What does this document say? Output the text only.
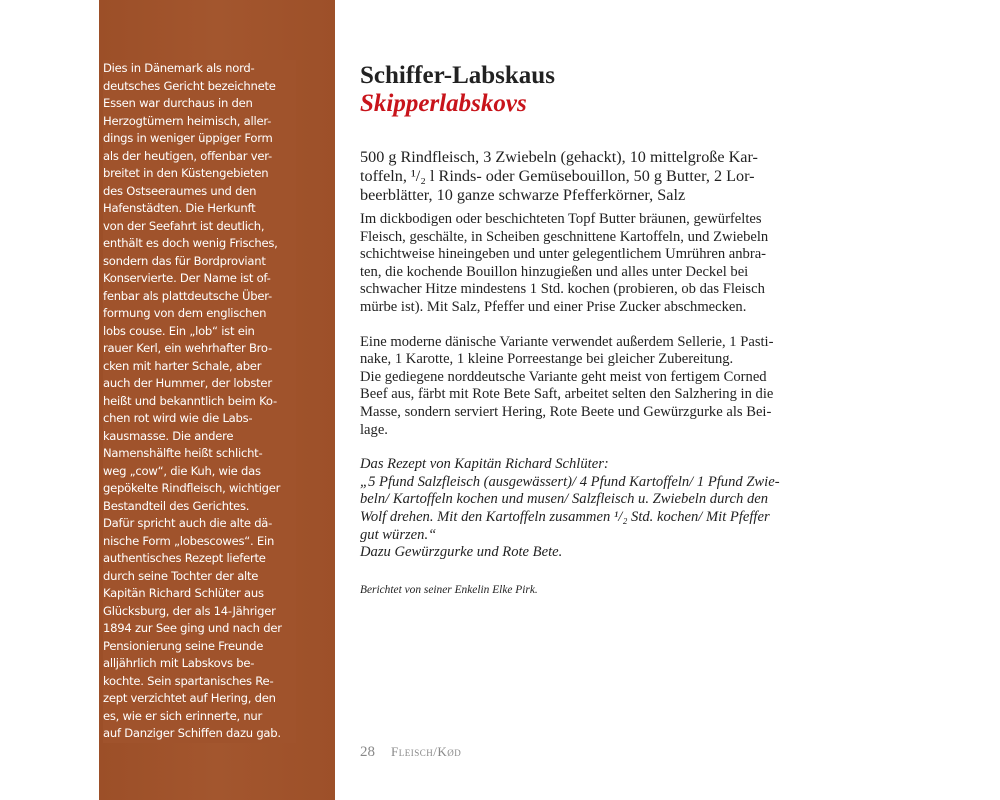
Dies in Dänemark als nord-
deutsches Gericht bezeichnete
Essen war durchaus in den
Herzogtümern heimisch, aller-
dings in weniger üppiger Form
als der heutigen, offenbar ver-
breitet in den Küstengebieten
des Ostseeraumes und den
Hafenstädten. Die Herkunft
von der Seefahrt ist deutlich,
enthält es doch wenig Frisches,
sondern das für Bordproviant
Konservierte. Der Name ist of-
fenbar als plattdeutsche Über-
formung von dem englischen
lobs couse. Ein „lob“ ist ein
rauer Kerl, ein wehrhafter Bro-
cken mit harter Schale, aber
auch der Hummer, der lobster
heißt und bekanntlich beim Ko-
chen rot wird wie die Labs-
kausmasse. Die andere
Namenshälfte heißt schlicht-
weg „cow“, die Kuh, wie das
gepökelte Rindfleisch, wichtiger
Bestandteil des Gerichtes.
Dafür spricht auch die alte dä-
nische Form „lobescowes“. Ein
authentisches Rezept lieferte
durch seine Tochter der alte
Kapitän Richard Schlüter aus
Glücksburg, der als 14-Jähriger
1894 zur See ging und nach der
Pensionierung seine Freunde
alljährlich mit Labskovs be-
kochte. Sein spartanisches Re-
zept verzichtet auf Hering, den
es, wie er sich erinnerte, nur
auf Danziger Schiffen dazu gab.
Schiffer-Labskaus
Skipperlabskovs
500 g Rindfleisch, 3 Zwiebeln (gehackt), 10 mittelgroße Kar-
toffeln, ¹/₂ l Rinds- oder Gemüsebouillon, 50 g Butter, 2 Lor-
beerblätter, 10 ganze schwarze Pfefferkörner, Salz
Im dickbodigen oder beschichteten Topf Butter bräunen, gewürfeltes
Fleisch, geschälte, in Scheiben geschnittene Kartoffeln, und Zwiebeln
schichtweise hineingeben und unter gelegentlichem Umrühren anbra-
ten, die kochende Bouillon hinzugießen und alles unter Deckel bei
schwacher Hitze mindestens 1 Std. kochen (probieren, ob das Fleisch
mürbe ist). Mit Salz, Pfeffer und einer Prise Zucker abschmecken.
Eine moderne dänische Variante verwendet außerdem Sellerie, 1 Pasti-
nake, 1 Karotte, 1 kleine Porreestange bei gleicher Zubereitung.
Die gediegene norddeutsche Variante geht meist von fertigem Corned
Beef aus, färbt mit Rote Bete Saft, arbeitet selten den Salzhering in die
Masse, sondern serviert Hering, Rote Beete und Gewürzgurke als Bei-
lage.
Das Rezept von Kapitän Richard Schlüter:
„5 Pfund Salzfleisch (ausgewässert)/ 4 Pfund Kartoffeln/ 1 Pfund Zwie-
beln/ Kartoffeln kochen und musen/ Salzfleisch u. Zwiebeln durch den
Wolf drehen. Mit den Kartoffeln zusammen ¹/₂ Std. kochen/ Mit Pfeffer
gut würzen.“
Dazu Gewürzgurke und Rote Bete.
Berichtet von seiner Enkelin Elke Pirk.
28 Fleisch/Kød
